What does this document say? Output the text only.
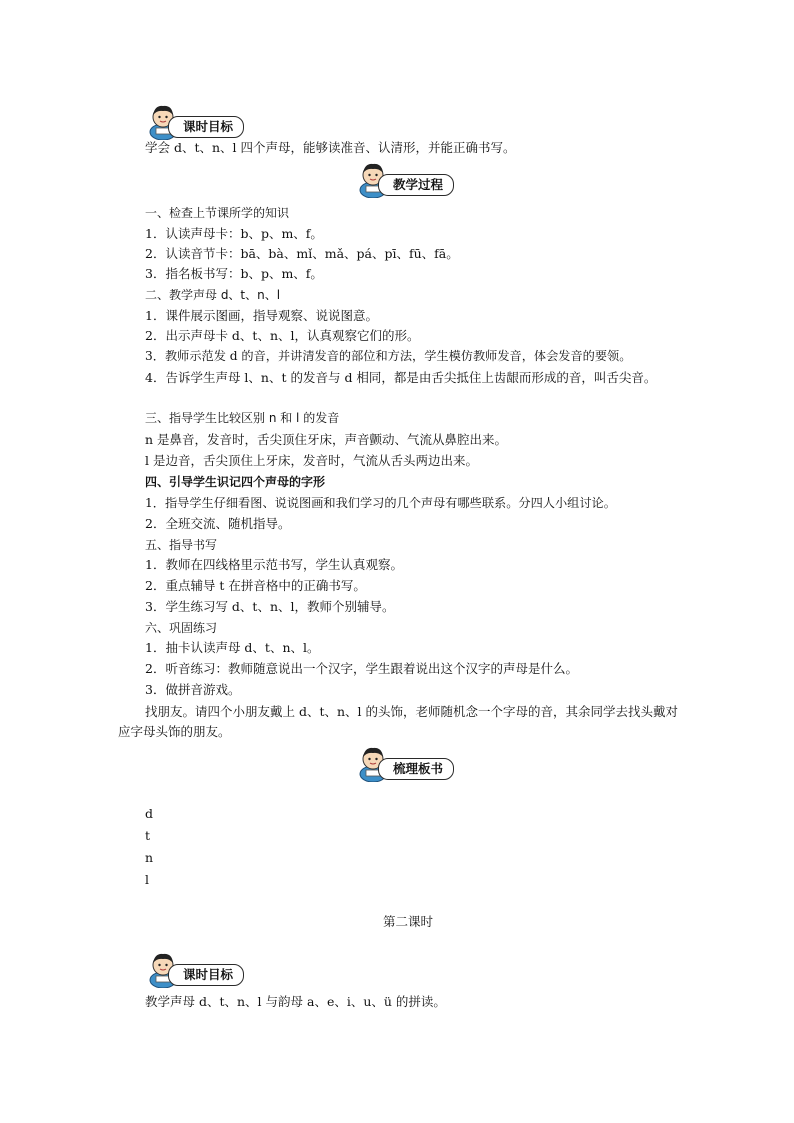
课时目标
学会 d、t、n、l 四个声母，能够读准音、认清形，并能正确书写。
教学过程
一、检查上节课所学的知识
1．认读声母卡：b、p、m、f。
2．认读音节卡：bā、bà、mǐ、mǎ、pá、pī、fū、fā。
3．指名板书写：b、p、m、f。
二、教学声母 d、t、n、l
1．课件展示图画，指导观察、说说图意。
2．出示声母卡 d、t、n、l，认真观察它们的形。
3．教师示范发 d 的音，并讲清发音的部位和方法，学生模仿教师发音，体会发音的要领。
4．告诉学生声母 l、n、t 的发音与 d 相同，都是由舌尖抵住上齿龈而形成的音，叫舌尖音。
三、指导学生比较区别 n 和 l 的发音
n 是鼻音，发音时，舌尖顶住牙床，声音颤动、气流从鼻腔出来。
l 是边音，舌尖顶住上牙床，发音时，气流从舌头两边出来。
四、引导学生识记四个声母的字形
1．指导学生仔细看图、说说图画和我们学习的几个声母有哪些联系。分四人小组讨论。
2．全班交流、随机指导。
五、指导书写
1．教师在四线格里示范书写，学生认真观察。
2．重点辅导 t 在拼音格中的正确书写。
3．学生练习写 d、t、n、l，教师个别辅导。
六、巩固练习
1．抽卡认读声母 d、t、n、l。
2．听音练习：教师随意说出一个汉字，学生跟着说出这个汉字的声母是什么。
3．做拼音游戏。
找朋友。请四个小朋友戴上 d、t、n、l 的头饰，老师随机念一个字母的音，其余同学去找头戴对应字母头饰的朋友。
梳理板书
d
t
n
l
第二课时
课时目标
教学声母 d、t、n、l 与韵母 a、e、i、u、ü 的拼读。
